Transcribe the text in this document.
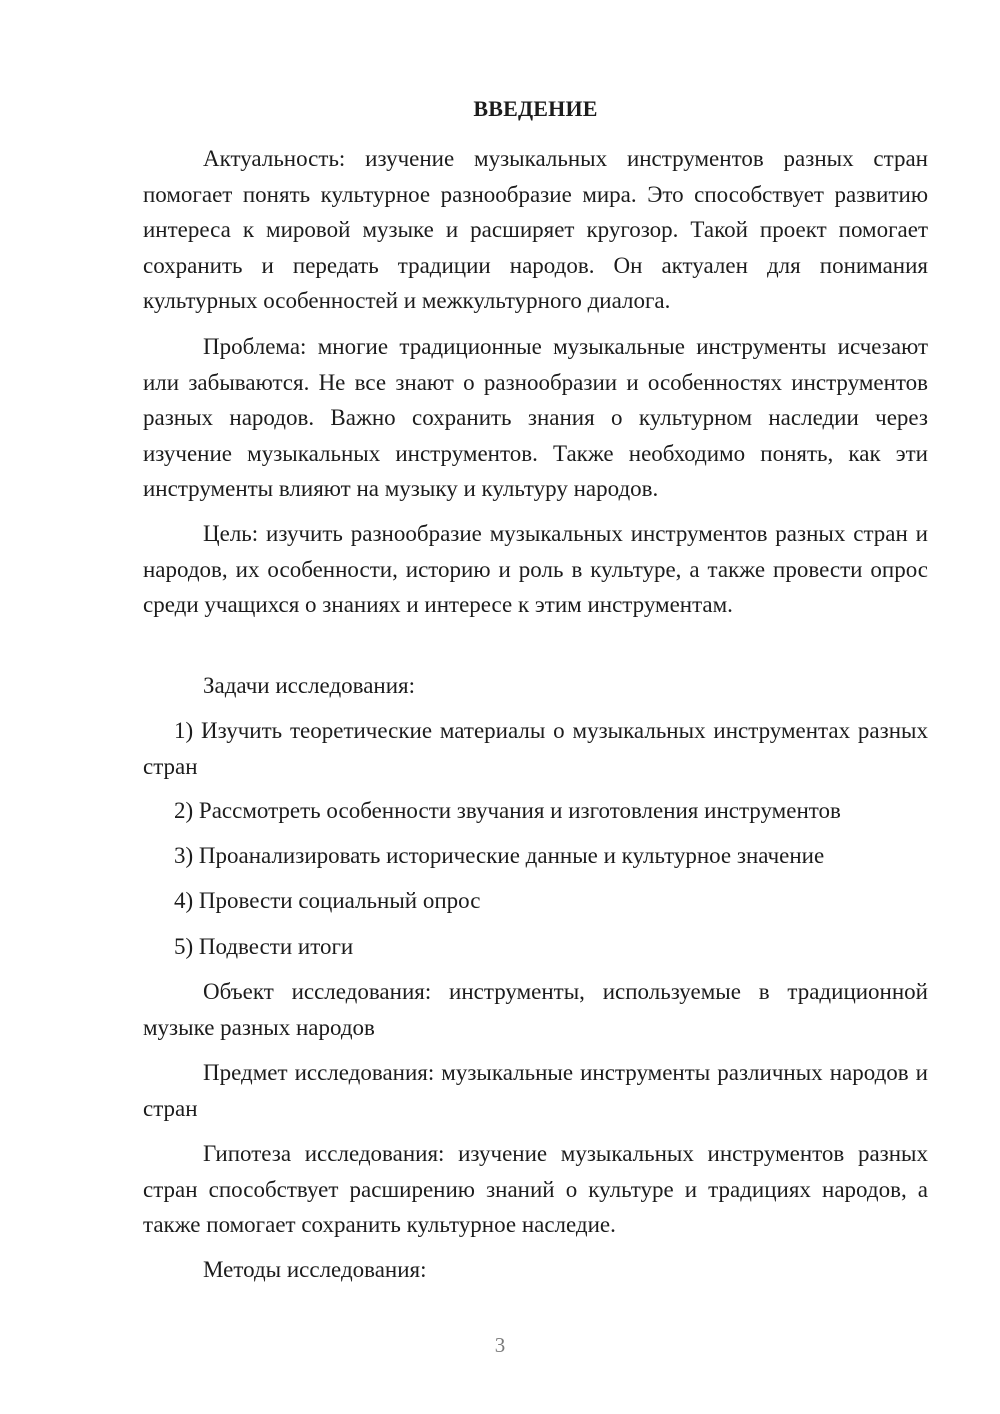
ВВЕДЕНИЕ
Актуальность: изучение музыкальных инструментов разных стран помогает понять культурное разнообразие мира. Это способствует развитию интереса к мировой музыке и расширяет кругозор. Такой проект помогает сохранить и передать традиции народов. Он актуален для понимания культурных особенностей и межкультурного диалога.
Проблема: многие традиционные музыкальные инструменты исчезают или забываются. Не все знают о разнообразии и особенностях инструментов разных народов. Важно сохранить знания о культурном наследии через изучение музыкальных инструментов. Также необходимо понять, как эти инструменты влияют на музыку и культуру народов.
Цель: изучить разнообразие музыкальных инструментов разных стран и народов, их особенности, историю и роль в культуре, а также провести опрос среди учащихся о знаниях и интересе к этим инструментам.
Задачи исследования:
1) Изучить теоретические материалы о музыкальных инструментах разных стран
2) Рассмотреть особенности звучания и изготовления инструментов
3) Проанализировать исторические данные и культурное значение
4) Провести социальный опрос
5) Подвести итоги
Объект исследования: инструменты, используемые в традиционной музыке разных народов
Предмет исследования: музыкальные инструменты различных народов и стран
Гипотеза исследования: изучение музыкальных инструментов разных стран способствует расширению знаний о культуре и традициях народов, а также помогает сохранить культурное наследие.
Методы исследования:
3
